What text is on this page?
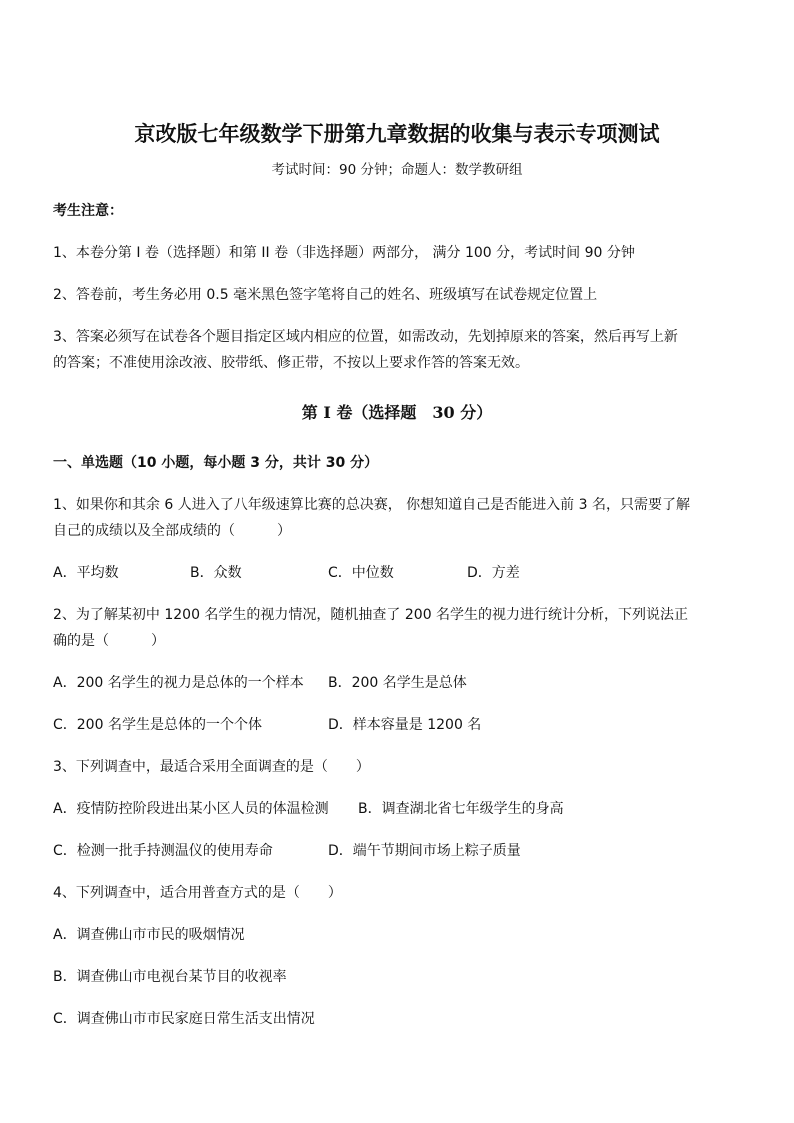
京改版七年级数学下册第九章数据的收集与表示专项测试
考试时间：90 分钟；命题人：数学教研组
考生注意：
1、本卷分第 I 卷（选择题）和第 II 卷（非选择题）两部分， 满分 100 分，考试时间 90 分钟
2、答卷前，考生务必用 0.5 毫米黑色签字笔将自己的姓名、班级填写在试卷规定位置上
3、答案必须写在试卷各个题目指定区域内相应的位置，如需改动，先划掉原来的答案，然后再写上新
的答案；不准使用涂改液、胶带纸、修正带，不按以上要求作答的答案无效。
第 I 卷（选择题　30 分）
一、单选题（10 小题，每小题 3 分，共计 30 分）
1、如果你和其余 6 人进入了八年级速算比赛的总决赛， 你想知道自己是否能进入前 3 名，只需要了解
自己的成绩以及全部成绩的（　　　）
A．平均数	B．众数	C．中位数	D．方差
2、为了解某初中 1200 名学生的视力情况，随机抽查了 200 名学生的视力进行统计分析，下列说法正
确的是（　　　）
A．200 名学生的视力是总体的一个样本 B．200 名学生是总体
C．200 名学生是总体的一个个体	D．样本容量是 1200 名
3、下列调查中，最适合采用全面调查的是（　　）
A．疫情防控阶段进出某小区人员的体温检测 B．调查湖北省七年级学生的身高
C．检测一批手持测温仪的使用寿命	D．端午节期间市场上粽子质量
4、下列调查中，适合用普查方式的是（　　）
A．调查佛山市市民的吸烟情况
B．调查佛山市电视台某节目的收视率
C．调查佛山市市民家庭日常生活支出情况
